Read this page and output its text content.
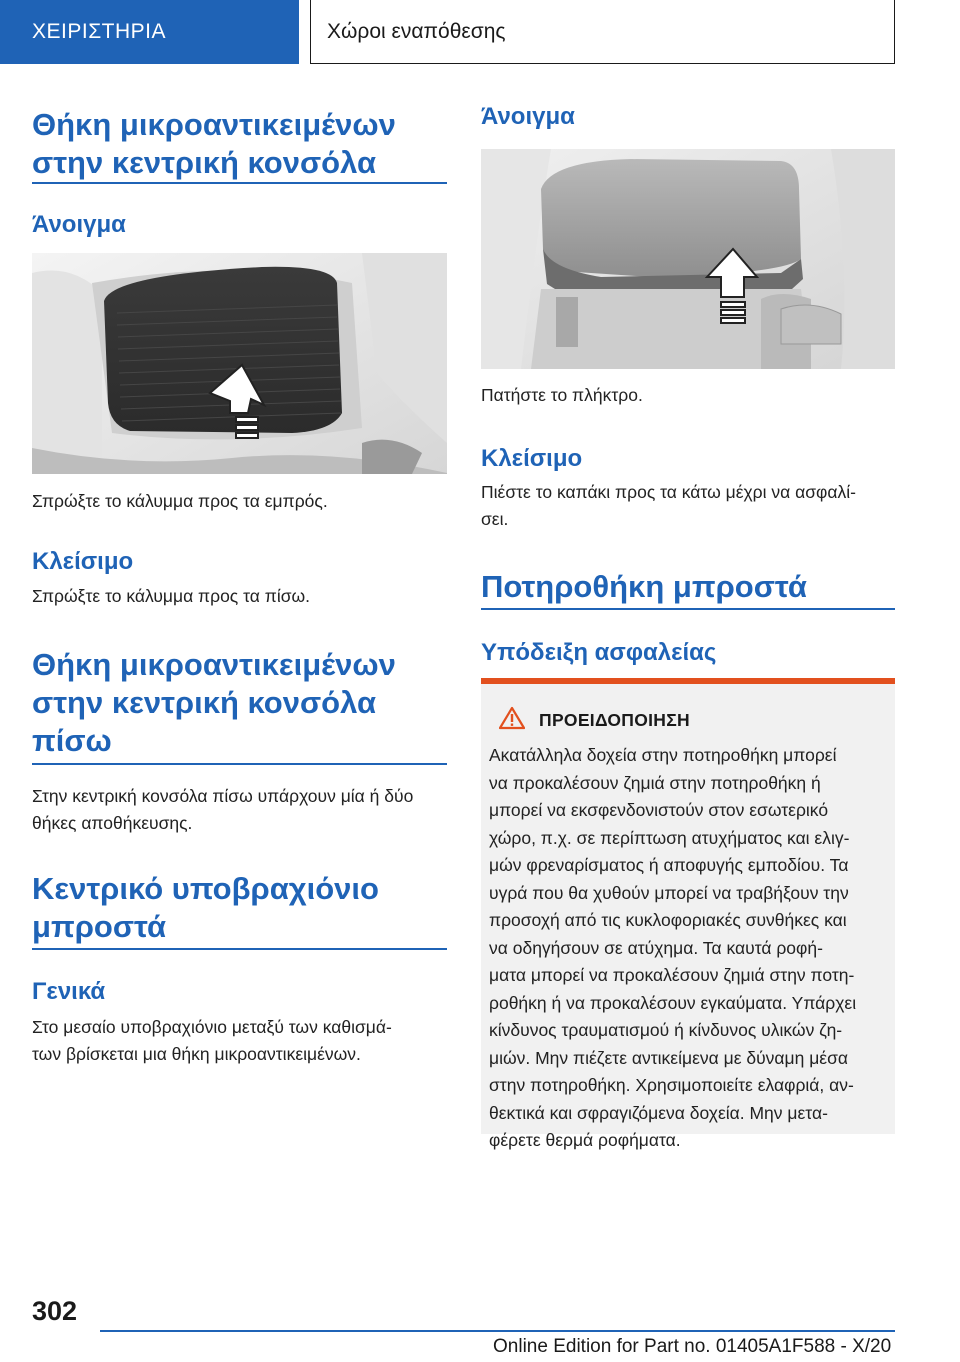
ΧΕΙΡΙΣΤΗΡΙΑ	Χώροι εναπόθεσης
Θήκη μικροαντικειμένων
στην κεντρική κονσόλα
Άνοιγμα
Σπρώξτε το κάλυμμα προς τα εμπρός.
Κλείσιμο
Σπρώξτε το κάλυμμα προς τα πίσω.
Θήκη μικροαντικειμένων
στην κεντρική κονσόλα
πίσω
Στην κεντρική κονσόλα πίσω υπάρχουν μία ή δύο
θήκες αποθήκευσης.
Κεντρικό υποβραχιόνιο
μπροστά
Γενικά
Στο μεσαίο υποβραχιόνιο μεταξύ των καθισμά-
των βρίσκεται μια θήκη μικροαντικειμένων.
Άνοιγμα
Πατήστε το πλήκτρο.
Κλείσιμο
Πιέστε το καπάκι προς τα κάτω μέχρι να ασφαλί-
σει.
Ποτηροθήκη μπροστά
Υπόδειξη ασφαλείας
ΠΡΟΕΙΔΟΠΟΙΗΣΗ
Ακατάλληλα δοχεία στην ποτηροθήκη μπορεί
να προκαλέσουν ζημιά στην ποτηροθήκη ή
μπορεί να εκσφενδονιστούν στον εσωτερικό
χώρο, π.χ. σε περίπτωση ατυχήματος και ελιγ-
μών φρεναρίσματος ή αποφυγής εμποδίου. Τα
υγρά που θα χυθούν μπορεί να τραβήξουν την
προσοχή από τις κυκλοφοριακές συνθήκες και
να οδηγήσουν σε ατύχημα. Τα καυτά ροφή-
ματα μπορεί να προκαλέσουν ζημιά στην ποτη-
ροθήκη ή να προκαλέσουν εγκαύματα. Υπάρχει
κίνδυνος τραυματισμού ή κίνδυνος υλικών ζη-
μιών. Μην πιέζετε αντικείμενα με δύναμη μέσα
στην ποτηροθήκη. Χρησιμοποιείτε ελαφριά, αν-
θεκτικά και σφραγιζόμενα δοχεία. Μην μετα-
φέρετε θερμά ροφήματα.
302
Online Edition for Part no. 01405A1F588 - X/20
